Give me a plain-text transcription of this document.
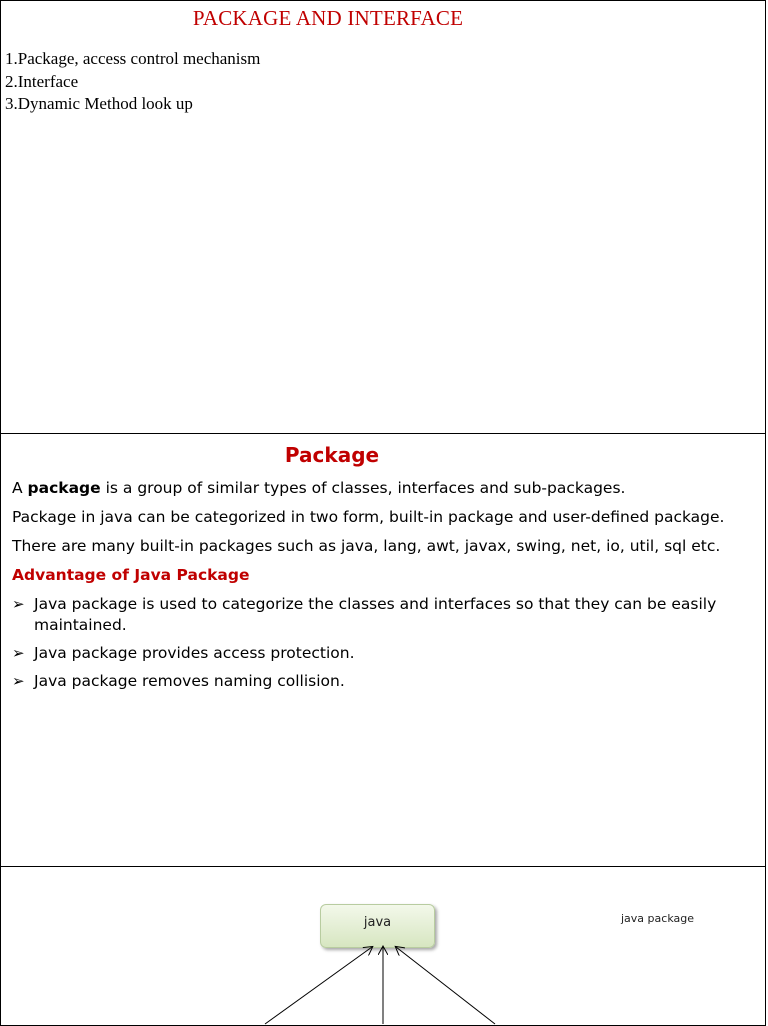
PACKAGE AND INTERFACE
1.Package, access control mechanism
2.Interface
3.Dynamic Method look up
Package

A package is a group of similar types of classes, interfaces and sub-packages.

Package in java can be categorized in two form, built-in package and user-defined package.

There are many built-in packages such as java, lang, awt, javax, swing, net, io, util, sql etc.

Advantage of Java Package

➢ Java package is used to categorize the classes and interfaces so that they can be easily maintained.
➢ Java package provides access protection.
➢ Java package removes naming collision.
java	java package
